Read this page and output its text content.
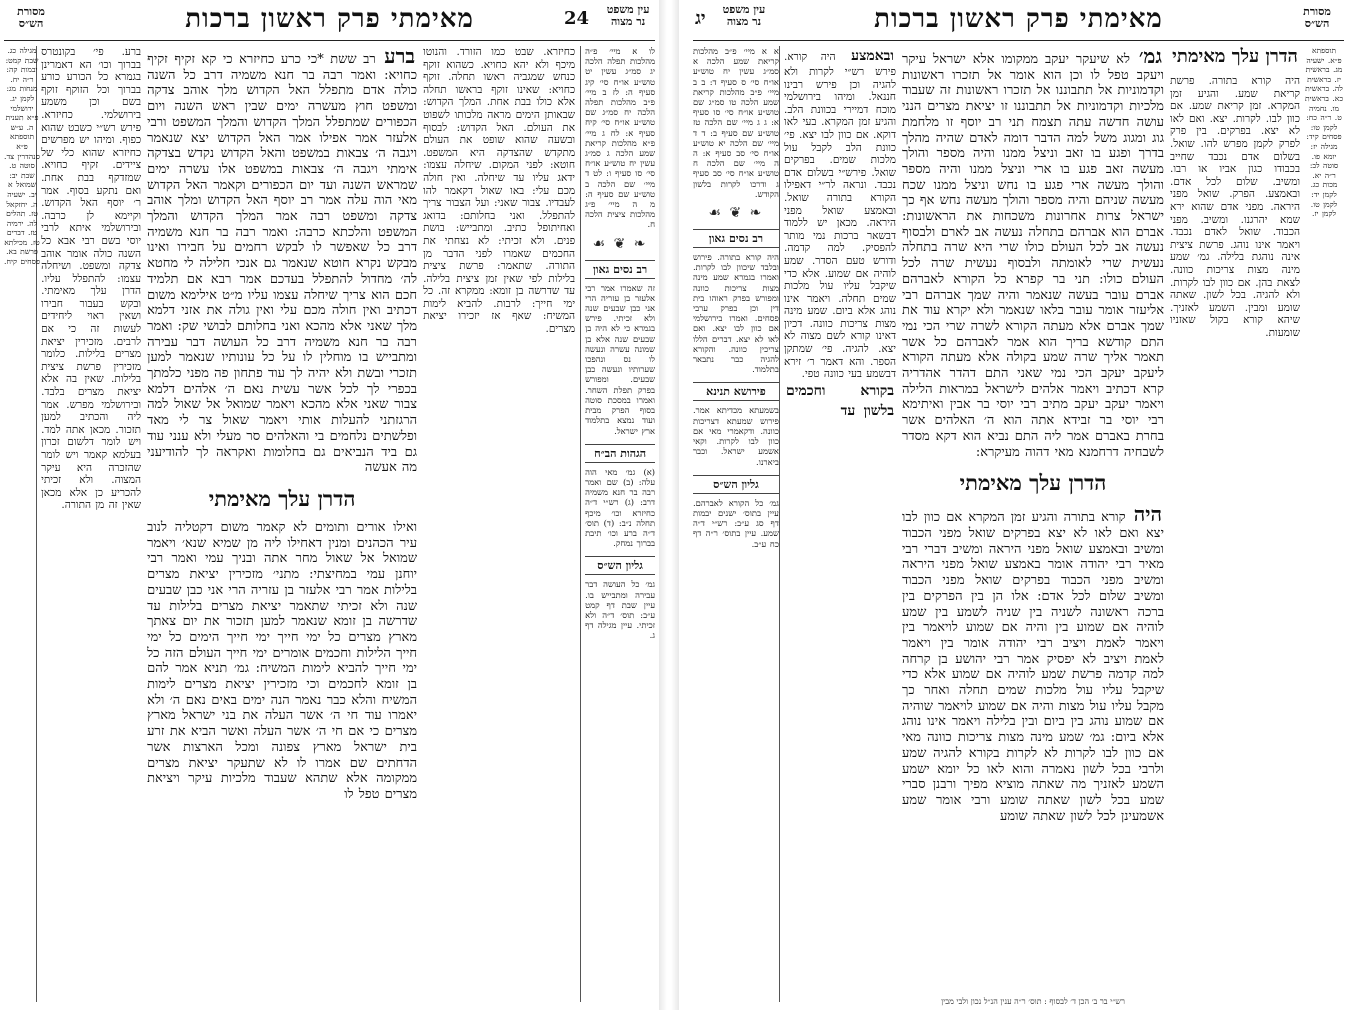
עין משפט נר מצוה
24
מאימתי פרק ראשון ברכות
מסורת הש״ס
לו א מיי׳ פ״ה מהלכות תפלה הלכה יג סמ״ג עשין יט טוש״ע או״ח סי׳ קיג סעיף ה: לז ב מיי׳ פ״ב מהלכות תפלה הלכה יח סמ״ג שם טוש״ע או״ח סי׳ קיח סעיף א: לח ג מיי׳ פ״א מהלכות קריאת שמע הלכה ג סמ״ג עשין יח טוש״ע או״ח סי׳ סו סעיף ו: לט ד מיי׳ שם הלכה ב טוש״ע שם סעיף ה: מ ה מיי׳ פ״ג מהלכות ציצית הלכה ח.
❧ ❦ ☙
רב נסים גאון
זה שאמרו אמר רבי אלעזר בן עזריה הרי אני כבן שבעים שנה ולא זכיתי. פירש בגמרא כי לא היה בן שבעים שנה אלא בן שמונה עשרה ונעשה לו נס ונהפכו שערותיו ונעשה כבן שבעים. ומפורש בפרק תפלת השחר. ואמרו במסכת סוטה בסוף הפרק מבית ועוד נמצא בתלמוד ארץ ישראל.
הגהות הב״ח
(א) גמ׳ מאי הוה עלה: (ב) שם ואמר רבה בר חנא משמיה דרב: (ג) רש״י ד״ה כחיזרא וכו׳ מיכף תחלה נ״ב: (ד) תוס׳ ד״ה ברע וכו׳ תיבת בברוך נמחק.
גליון הש״ס
גמ׳ כל העושה דבר עבירה ומתבייש בו. עיין שבת דף קמט ע״ב: תוס׳ ד״ה ולא זכיתי. עיין מגילה דף ג.
כחיזרא. שבט כמו הזורד. והנוטו מיכף ולא יהא כחויא. כשהוא זוקף כנחש שמגביה ראשו תחלה. זוקף כחויא: שאינו זוקף בראשו תחלה אלא כולו בבת אחת. המלך הקדוש: שבאותן הימים מראה מלכותו לשפוט את העולם. האל הקדוש: לבסוף ובשעה שהוא שופט את העולם מתקדש שהצדקה היא המשפט. חוטא: לפני המקום. שיחלה עצמו: ידאג עליו עד שיחלה. ואין חולה מכם עלי: באו שאול דקאמר להו לעבדיו. צבור שאני: ועל הצבור צריך להתפלל. ואני בחלותם: בדואג ואחיתופל כתיב. ומתבייש: בושת פנים. ולא זכיתי: לא נצחתי את החכמים שאמרו לפני הדבר מן התורה. שתאמר: פרשת ציצית בלילות לפי שאין זמן ציצית בלילה. עד שדרשה בן זומא: ממקרא זה. כל ימי חייך: לרבות. להביא לימות המשיח: שאף אז יזכירו יציאת מצרים.
ברע רב ששת *כי כרע כחיזרא כי קא זקיף זקיף כחויא: ואמר רבה בר חנא משמיה דרב כל השנה כולה אדם מתפלל האל הקדוש מלך אוהב צדקה ומשפט חוץ מעשרה ימים שבין ראש השנה ויום הכפורים שמתפלל המלך הקדוש והמלך המשפט ורבי אלעזר אמר אפילו אמר האל הקדוש יצא שנאמר ויגבה ה׳ צבאות במשפט והאל הקדוש נקדש בצדקה אימתי ויגבה ה׳ צבאות במשפט אלו עשרה ימים שמראש השנה ועד יום הכפורים וקאמר האל הקדוש מאי הוה עלה אמר רב יוסף האל הקדוש ומלך אוהב צדקה ומשפט רבה אמר המלך הקדוש והמלך המשפט והלכתא כרבה: ואמר רבה בר חנא משמיה דרב כל שאפשר לו לבקש רחמים על חבירו ואינו מבקש נקרא חוטא שנאמר גם אנכי חלילה לי מחטא לה׳ מחדול להתפלל בעדכם אמר רבא אם תלמיד חכם הוא צריך שיחלה עצמו עליו מ״ט אילימא משום דכתיב ואין חולה מכם עלי ואין גולה את אזני דלמא מלך שאני אלא מהכא ואני בחלותם לבושי שק: ואמר רבה בר חנא משמיה דרב כל העושה דבר עבירה ומתבייש בו מוחלין לו על כל עונותיו שנאמר למען תזכרי ובשת ולא יהיה לך עוד פתחון פה מפני כלמתך בכפרי לך לכל אשר עשית נאם ה׳ אלהים דלמא צבור שאני אלא מהכא ויאמר שמואל אל שאול למה הרגזתני להעלות אותי ויאמר שאול צר לי מאד ופלשתים נלחמים בי והאלהים סר מעלי ולא ענני עוד גם ביד הנביאים גם בחלומות ואקראה לך להודיעני מה אעשה
הדרן עלך מאימתי
ואילו אורים ותומים לא קאמר משום דקטליה לנוב עיר הכהנים ומנין דאחילו ליה מן שמיא שנא׳ ויאמר שמואל אל שאול מחר אתה ובניך עמי ואמר רבי יוחנן עמי במחיצתי: מתני׳ מזכירין יציאת מצרים בלילות אמר רבי אלעזר בן עזריה הרי אני כבן שבעים שנה ולא זכיתי שתאמר יציאת מצרים בלילות עד שדרשה בן זומא שנאמר למען תזכור את יום צאתך מארץ מצרים כל ימי חייך ימי חייך הימים כל ימי חייך הלילות וחכמים אומרים ימי חייך העולם הזה כל ימי חייך להביא לימות המשיח: גמ׳ תניא אמר להם בן זומא לחכמים וכי מזכירין יציאת מצרים לימות המשיח והלא כבר נאמר הנה ימים באים נאם ה׳ ולא יאמרו עוד חי ה׳ אשר העלה את בני ישראל מארץ מצרים כי אם חי ה׳ אשר העלה ואשר הביא את זרע בית ישראל מארץ צפונה ומכל הארצות אשר הדחתים שם אמרו לו לא שתעקר יציאת מצרים ממקומה אלא שתהא שעבוד מלכיות עיקר ויציאת מצרים טפל לו
ברע. פי׳ בקונטרס בברוך וכו׳ הא דאמרינן בגמרא כל הכורע כורע בברוך וכל הזוקף זוקף בשם וכן משמע בירושלמי. כחיזרא. פירש רש״י כשבט שהוא כפוף. ומיהו יש מפרשים כחיזרא שהוא כלי של ציידים. זקיף כחויא. שמזדקף בבת אחת. ואם נתקע בסוף. אמר ר׳ יוסף האל הקדוש. וקיימא לן כרבה. ובירושלמי איתא לרבי יוסי בשם רבי אבא כל השנה כולה אומר אוהב צדקה ומשפט. ושיחלה עצמו: להתפלל עליו. הדרן עלך מאימתי. ובקש בעבור חבירו ושאין ראוי ליחידים לעשות זה כי אם לרבים. מזכירין יציאת מצרים בלילות. כלומר מזכירין פרשת ציצית בלילות. שאין בה אלא יציאת מצרים בלבד. ובירושלמי מפרש. אמר ליה והכתיב למען תזכור. מכאן אתה למד. ויש לומר דלשום זכרון בעלמא קאמר ויש לומר שהזכרה היא עיקר המצוה. ולא זכיתי להכריע כן אלא מכאן שאין זה מן התורה.
מגילה כג. שבת קמט: יבמות קה: ר״ה יח. מנחות מג: לקמן יג. ירושלמי פ״א תענית ה. ע״ש תוספתא פ״א סנהדרין צד. סוטה ט. שבת יב: שמואל א יב. ישעיה ה. יחזקאל טז. תהלים לה. ירמיה טז. דברים טז. מכילתא פרשת בא. פסחים קיח.
יג	עין משפט נר מצוה	מאימתי פרק ראשון ברכות	מסורת הש״ס
תוספתא פ״א. ישעיה מג. בראשית יז. בראשית לה. בראשית כא. בראשית מו. נחמיה ט. ר״ה כח: לקמן טו: פסחים קיד: מגילה יז: יומא פו. סוטה לב: ר״ה יא. מכות כג. לקמן יד: לקמן טו. לקמן יז.
הדרן עלך מאימתי
היה קורא בתורה. פרשת קריאת שמע. והגיע זמן המקרא. זמן קריאת שמע. אם כוון לבו. לקרות. יצא. ואם לאו לא יצא. בפרקים. בין פרק לפרק לקמן מפרש להו. שואל. בשלום אדם נכבד שחייב בכבודו כגון אביו או רבו. ומשיב. שלום לכל אדם. ובאמצע. הפרק. שואל מפני היראה. מפני אדם שהוא ירא שמא יהרגנו. ומשיב. מפני הכבוד. שואל לאדם נכבד. ויאמר אינו נוהג. פרשת ציצית אינה נוהגת בלילה. גמ׳ שמע מינה מצות צריכות כוונה. לצאת בהן. אם כוון לבו לקרות. ולא להגיה. בכל לשון. שאתה שומע ומבין. השמע לאזניך. שיהא קורא בקול שאזניו שומעות.
גמ׳ לא שיעקר יעקב ממקומו אלא ישראל עיקר ויעקב טפל לו וכן הוא אומר אל תזכרו ראשונות וקדמוניות אל תתבוננו אל תזכרו ראשונות זה שעבוד מלכיות וקדמוניות אל תתבוננו זו יציאת מצרים הנני עושה חדשה עתה תצמח תני רב יוסף זו מלחמת גוג ומגוג משל למה הדבר דומה לאדם שהיה מהלך בדרך ופגע בו זאב וניצל ממנו והיה מספר והולך מעשה זאב פגע בו ארי וניצל ממנו והיה מספר והולך מעשה ארי פגע בו נחש וניצל ממנו שכח מעשה שניהם והיה מספר והולך מעשה נחש אף כך ישראל צרות אחרונות משכחות את הראשונות: אברם הוא אברהם בתחלה נעשה אב לארם ולבסוף נעשה אב לכל העולם כולו שרי היא שרה בתחלה נעשית שרי לאומתה ולבסוף נעשית שרה לכל העולם כולו: תני בר קפרא כל הקורא לאברהם אברם עובר בעשה שנאמר והיה שמך אברהם רבי אליעזר אומר עובר בלאו שנאמר ולא יקרא עוד את שמך אברם אלא מעתה הקורא לשרה שרי הכי נמי התם קודשא בריך הוא אמר לאברהם כל אשר תאמר אליך שרה שמע בקולה אלא מעתה הקורא ליעקב יעקב הכי נמי שאני התם דהדר אהדריה קרא דכתיב ויאמר אלהים לישראל במראות הלילה ויאמר יעקב יעקב מתיב רבי יוסי בר אבין ואיתימא רבי יוסי בר זבידא אתה הוא ה׳ האלהים אשר בחרת באברם אמר ליה התם נביא הוא דקא מסדר לשבחיה דרחמנא מאי דהוה מעיקרא:
הדרן עלך מאימתי
היה קורא בתורה והגיע זמן המקרא אם כוון לבו יצא ואם לאו לא יצא בפרקים שואל מפני הכבוד ומשיב ובאמצע שואל מפני היראה ומשיב דברי רבי מאיר רבי יהודה אומר באמצע שואל מפני היראה ומשיב מפני הכבוד בפרקים שואל מפני הכבוד ומשיב שלום לכל אדם: אלו הן בין הפרקים בין ברכה ראשונה לשניה בין שניה לשמע בין שמע לוהיה אם שמוע בין והיה אם שמוע לויאמר בין ויאמר לאמת ויציב רבי יהודה אומר בין ויאמר לאמת ויציב לא יפסיק אמר רבי יהושע בן קרחה למה קדמה פרשת שמע לוהיה אם שמוע אלא כדי שיקבל עליו עול מלכות שמים תחלה ואחר כך מקבל עליו עול מצות והיה אם שמוע לויאמר שוהיה אם שמוע נוהג בין ביום ובין בלילה ויאמר אינו נוהג אלא ביום: גמ׳ שמע מינה מצות צריכות כוונה מאי אם כוון לבו לקרות לא לקרות בקורא להגיה שמע ולרבי בכל לשון נאמרה והוא לאו כל יומא ישמע השמע לאזניך מה שאתה מוציא מפיך ורבנן סברי שמע בכל לשון שאתה שומע ורבי אומר שמע אשמעינן לכל לשון שאתה שומע
ובאמצע היה קורא. פירש רש״י לקרות ולא להגיה וכן פירש רבינו חננאל. ומיהו בירושלמי מוכח דמיירי בכוונת הלב. והגיע זמן המקרא. בעי לאו דוקא. אם כוון לבו יצא. פי׳ כוונת הלב לקבל עול מלכות שמים. בפרקים שואל. פירש״י בשלום אדם נכבד. ונראה לר״י דאפילו הקורא בתורה שואל. ובאמצע שואל מפני היראה. מכאן יש ללמוד דבשאר ברכות נמי מותר להפסיק. למה קדמה. ודורש טעם הסדר. שמע לוהיה אם שמוע. אלא כדי שיקבל עליו עול מלכות שמים תחלה. ויאמר אינו נוהג אלא ביום. שמע מינה מצות צריכות כוונה. דכיון דאינו קורא לשם מצוה לא יצא. להגיה. פי׳ שמתקן הספר. והא דאמר ר׳ זירא דבשמע בעי כוונה טפי.
בקורא וחכמים בלשון עד
א א מיי׳ פ״ב מהלכות קריאת שמע הלכה א סמ״ג עשין יח טוש״ע או״ח סי׳ ס סעיף ד: ב ב מיי׳ פ״ב מהלכות קריאת שמע הלכה טו סמ״ג שם טוש״ע או״ח סי׳ סו סעיף א: ג ג מיי׳ שם הלכה טז טוש״ע שם סעיף ב: ד ד מיי׳ שם הלכה יא טוש״ע או״ח סי׳ סב סעיף א: ה ה מיי׳ שם הלכה ח טוש״ע או״ח סי׳ סב סעיף ג ודרכו לקרות בלשון הקודש.
❧ ❦ ☙
רב נסים גאון
היה קורא בתורה. פירוש ובלבד שיכוון לבו לקרות. ואמרו בגמרא שמע מינה מצות צריכות כוונה ומפורש בפרק ראוהו בית דין וכן בפרק ערבי פסחים. ואמרו בירושלמי אם כוון לבו יצא. ואם לאו לא יצא. דברים הללו צריכין כוונה. והקורא להגיה כבר נתבאר בתלמוד.
פירושא תנינא
בשמעתא מכדיתא אמר. פירוש שמעתא דצריכות כוונה. ודקאמרי מאי אם כוון לבו לקרות. וקאי אשמע ישראל. וכבר ביארנו.
גליון הש״ס
גמ׳ כל הקורא לאברהם. עיין בתוס׳ ישנים יבמות דף סג ע״ב: רש״י ד״ה שמע. עיין בתוס׳ ר״ה דף כח ע״ב.
רש״י בר ב׳ הכן ד׳ לבסוף : תוס׳ ר״ה ענין הנ״ל נכון ולבי מבין
